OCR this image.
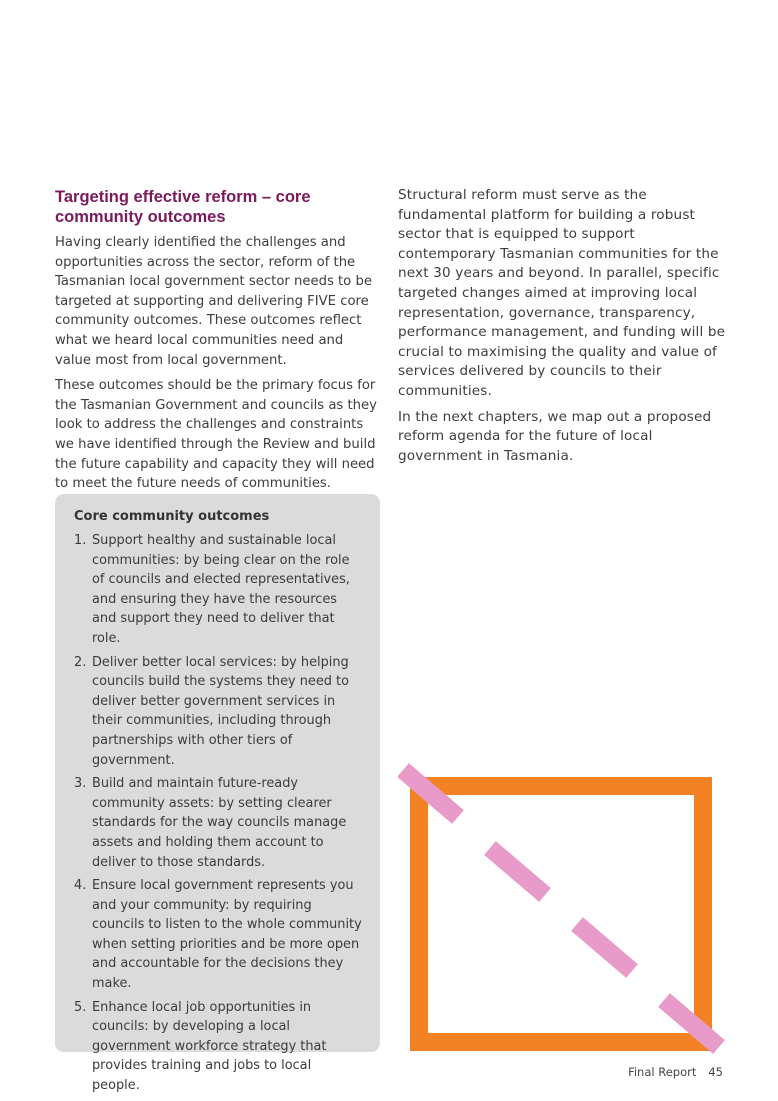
Targeting effective reform – core community outcomes

Having clearly identified the challenges and opportunities across the sector, reform of the Tasmanian local government sector needs to be targeted at supporting and delivering FIVE core community outcomes. These outcomes reflect what we heard local communities need and value most from local government.

These outcomes should be the primary focus for the Tasmanian Government and councils as they look to address the challenges and constraints we have identified through the Review and build the future capability and capacity they will need to meet the future needs of communities.

Core community outcomes
1. Support healthy and sustainable local communities: by being clear on the role of councils and elected representatives, and ensuring they have the resources and support they need to deliver that role.
2. Deliver better local services: by helping councils build the systems they need to deliver better government services in their communities, including through partnerships with other tiers of government.
3. Build and maintain future-ready community assets: by setting clearer standards for the way councils manage assets and holding them account to deliver to those standards.
4. Ensure local government represents you and your community: by requiring councils to listen to the whole community when setting priorities and be more open and accountable for the decisions they make.
5. Enhance local job opportunities in councils: by developing a local government workforce strategy that provides training and jobs to local people.

Structural reform must serve as the fundamental platform for building a robust sector that is equipped to support contemporary Tasmanian communities for the next 30 years and beyond. In parallel, specific targeted changes aimed at improving local representation, governance, transparency, performance management, and funding will be crucial to maximising the quality and value of services delivered by councils to their communities.

In the next chapters, we map out a proposed reform agenda for the future of local government in Tasmania.

Final Report 45
